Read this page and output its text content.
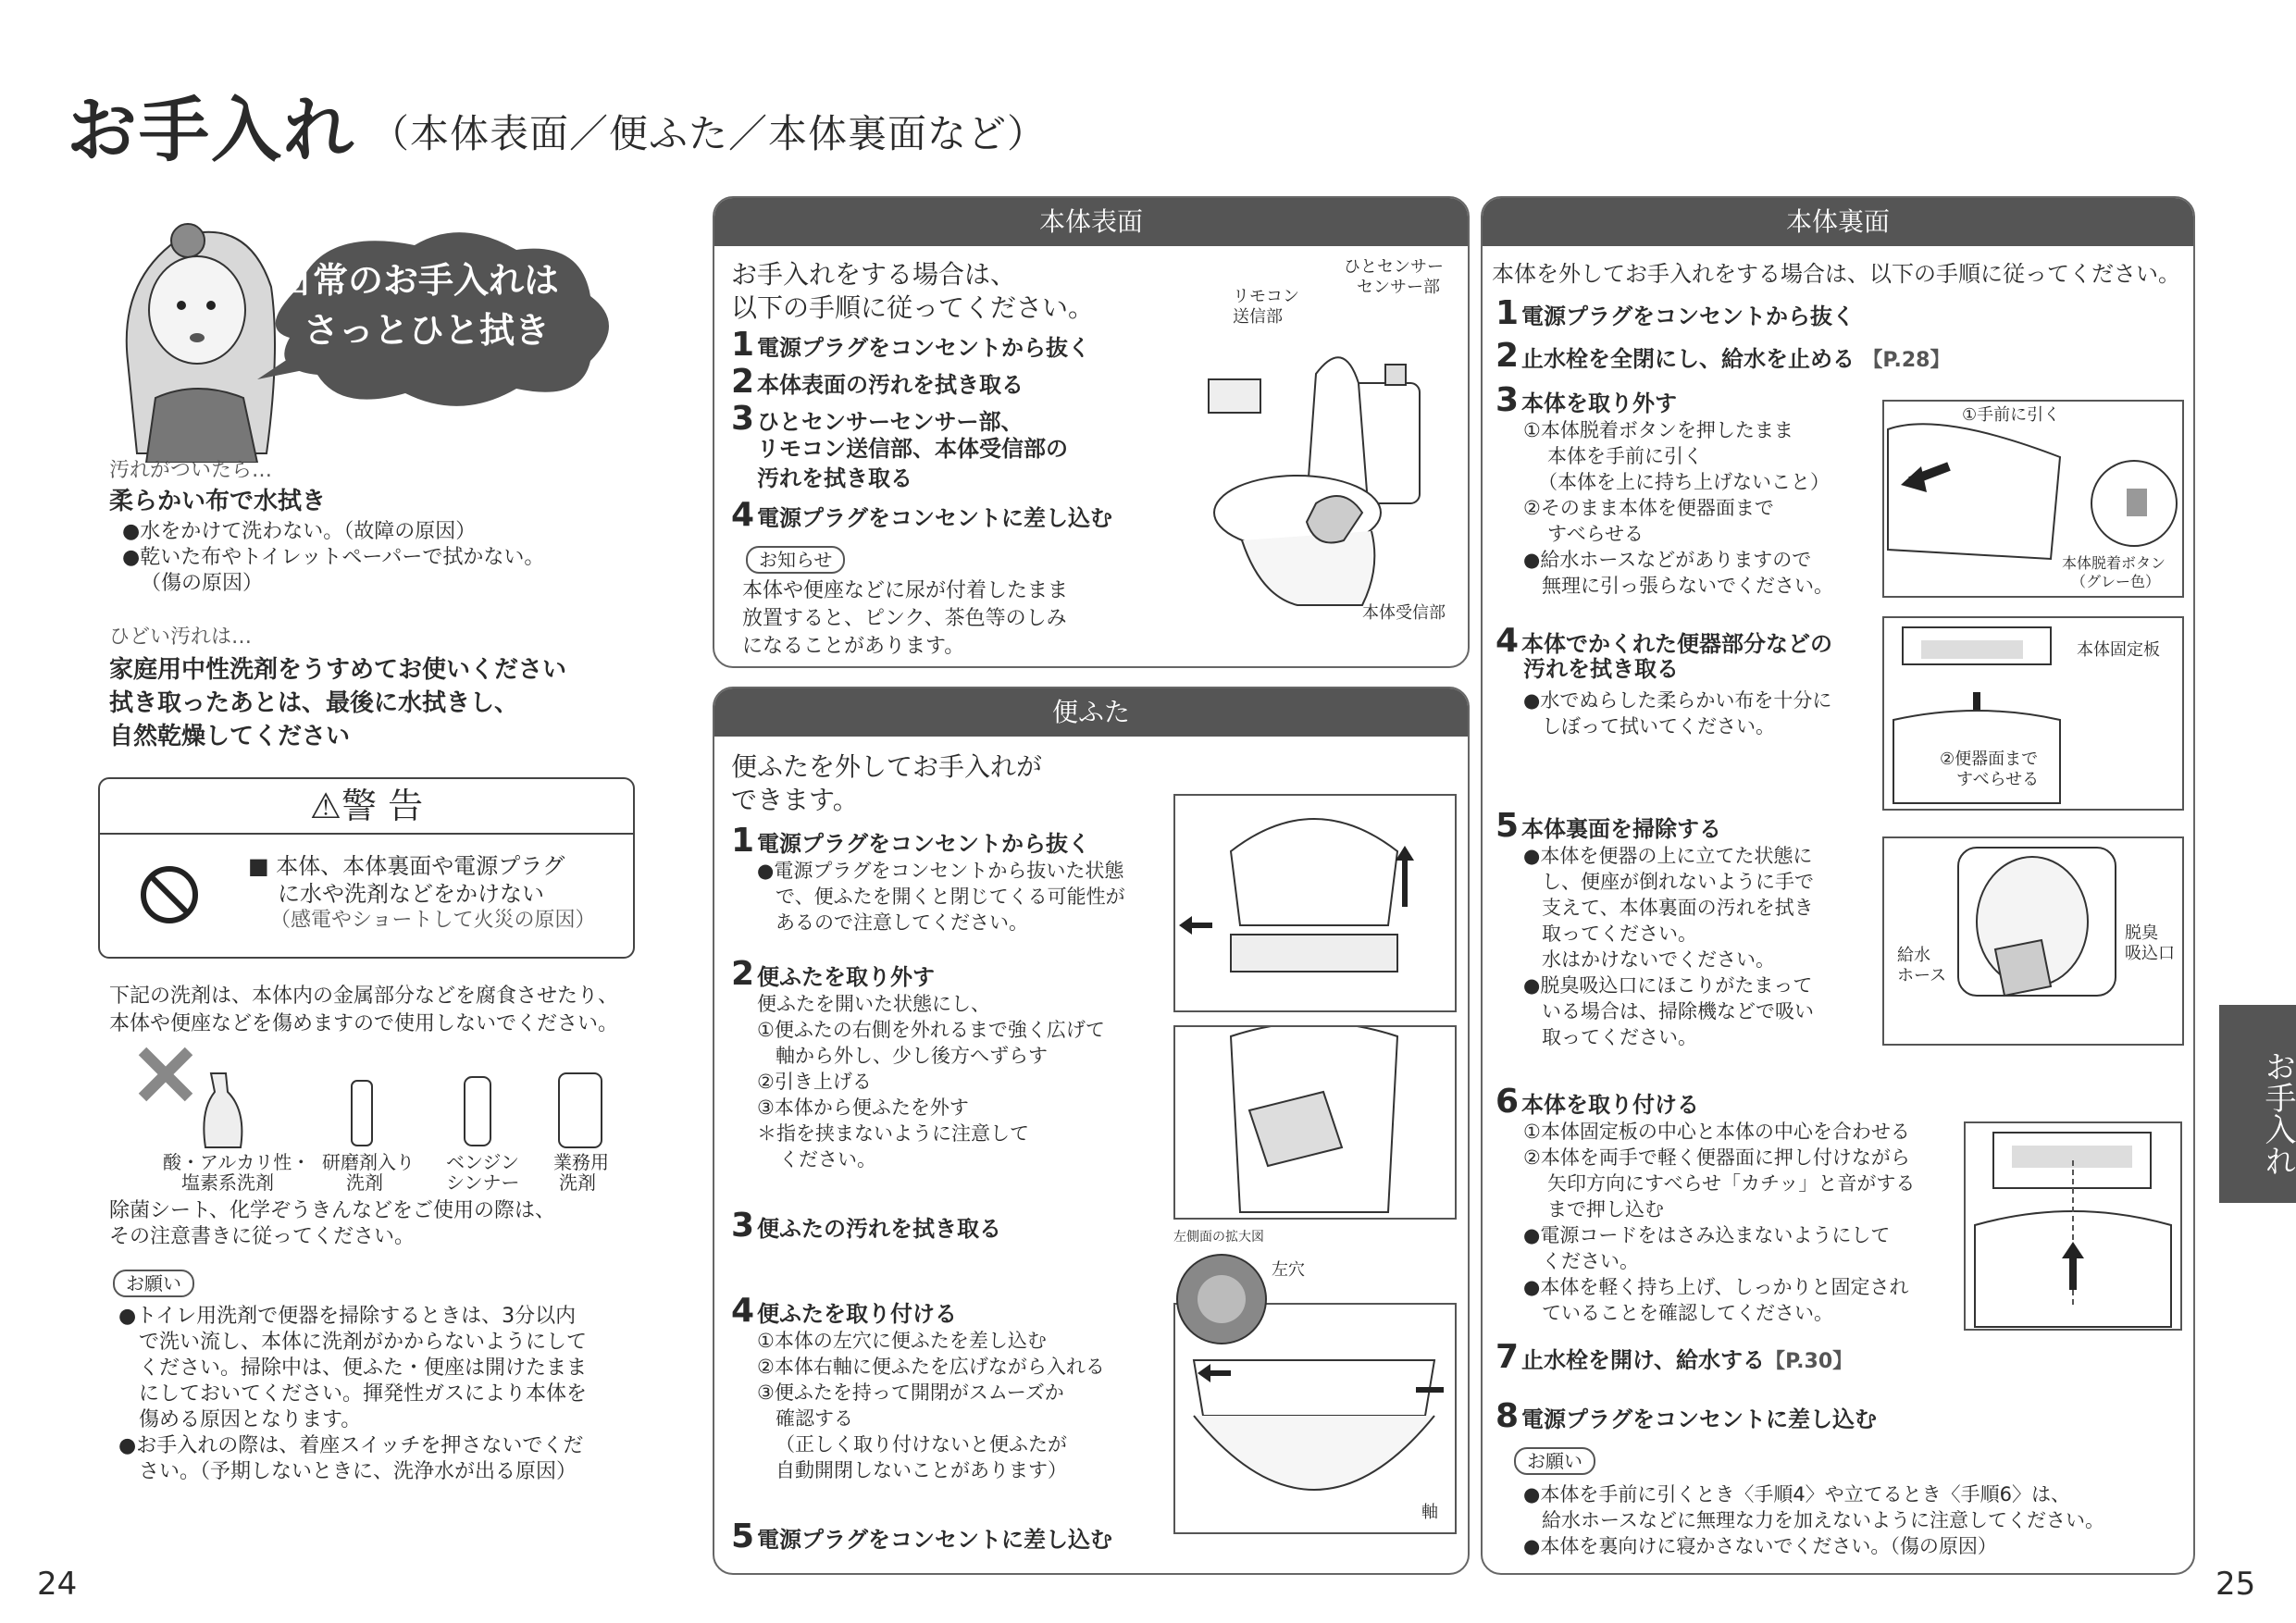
お手入れ （本体表面／便ふた／本体裏面など）
日常のお手入れは
さっとひと拭き
汚れがついたら…
柔らかい布で水拭き
●水をかけて洗わない。（故障の原因）
●乾いた布やトイレットペーパーで拭かない。
（傷の原因）
ひどい汚れは…
家庭用中性洗剤をうすめてお使いください
拭き取ったあとは、最後に水拭きし、
自然乾燥してください
⚠警 告
■ 本体、本体裏面や電源プラグ
に水や洗剤などをかけない
（感電やショートして火災の原因）
下記の洗剤は、本体内の金属部分などを腐食させたり、
本体や便座などを傷めますので使用しないでください。
酸・アルカリ性・
塩素系洗剤
研磨剤入り
洗剤
ベンジン
シンナー
業務用
洗剤
除菌シート、化学ぞうきんなどをご使用の際は、
その注意書きに従ってください。
お願い
●トイレ用洗剤で便器を掃除するときは、3分以内
で洗い流し、本体に洗剤がかからないようにして
ください。掃除中は、便ふた・便座は開けたまま
にしておいてください。揮発性ガスにより本体を
傷める原因となります。
●お手入れの際は、着座スイッチを押さないでくだ
さい。（予期しないときに、洗浄水が出る原因）
24
本体表面
お手入れをする場合は、
以下の手順に従ってください。
1 電源プラグをコンセントから抜く
2 本体表面の汚れを拭き取る
3 ひとセンサーセンサー部、
リモコン送信部、本体受信部の
汚れを拭き取る
4 電源プラグをコンセントに差し込む
お知らせ
本体や便座などに尿が付着したまま
放置すると、ピンク、茶色等のしみ
になることがあります。
ひとセンサー
センサー部
リモコン
送信部
本体受信部
便ふた
便ふたを外してお手入れが
できます。
1 電源プラグをコンセントから抜く
●電源プラグをコンセントから抜いた状態
で、便ふたを開くと閉じてくる可能性が
あるので注意してください。
2 便ふたを取り外す
便ふたを開いた状態にし、
①便ふたの右側を外れるまで強く広げて
軸から外し、少し後方へずらす
②引き上げる
③本体から便ふたを外す
＊指を挟まないように注意して
ください。
3 便ふたの汚れを拭き取る
4 便ふたを取り付ける
①本体の左穴に便ふたを差し込む
②本体右軸に便ふたを広げながら入れる
③便ふたを持って開閉がスムーズか
確認する
（正しく取り付けないと便ふたが
自動開閉しないことがあります）
5 電源プラグをコンセントに差し込む
左側面の拡大図
左穴
軸
本体裏面
本体を外してお手入れをする場合は、以下の手順に従ってください。
1 電源プラグをコンセントから抜く
2 止水栓を全閉にし、給水を止める 【P.28】
3 本体を取り外す
①本体脱着ボタンを押したまま
本体を手前に引く
（本体を上に持ち上げないこと）
②そのまま本体を便器面まで
すべらせる
●給水ホースなどがありますので
無理に引っ張らないでください。
4 本体でかくれた便器部分などの
汚れを拭き取る
●水でぬらした柔らかい布を十分に
しぼって拭いてください。
5 本体裏面を掃除する
●本体を便器の上に立てた状態に
し、便座が倒れないように手で
支えて、本体裏面の汚れを拭き
取ってください。
水はかけないでください。
●脱臭吸込口にほこりがたまって
いる場合は、掃除機などで吸い
取ってください。
6 本体を取り付ける
①本体固定板の中心と本体の中心を合わせる
②本体を両手で軽く便器面に押し付けながら
矢印方向にすべらせ「カチッ」と音がする
まで押し込む
●電源コードをはさみ込まないようにして
ください。
●本体を軽く持ち上げ、しっかりと固定され
ていることを確認してください。
7 止水栓を開け、給水する【P.30】
8 電源プラグをコンセントに差し込む
お願い
●本体を手前に引くとき〈手順4〉や立てるとき〈手順6〉は、
給水ホースなどに無理な力を加えないように注意してください。
●本体を裏向けに寝かさないでください。（傷の原因）
①手前に引く
本体脱着ボタン
（グレー色）
本体固定板
②便器面まで
すべらせる
給水
ホース
脱臭
吸込口
お手入れ
25
